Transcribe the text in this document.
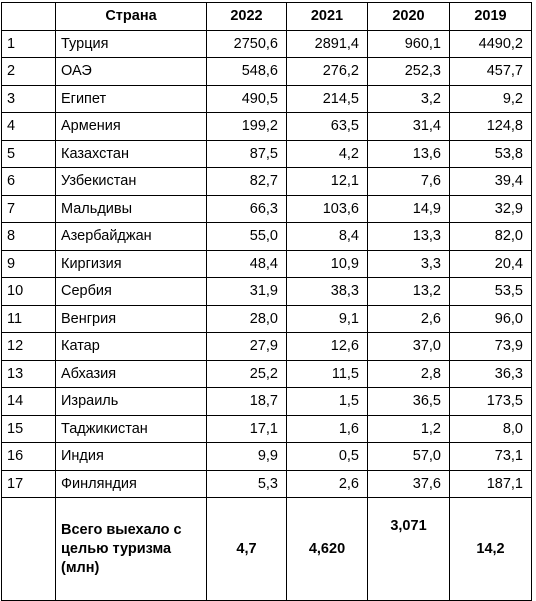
	Страна	2022	2021	2020	2019
1	Турция	2750,6	2891,4	960,1	4490,2
2	ОАЭ	548,6	276,2	252,3	457,7
3	Египет	490,5	214,5	3,2	9,2
4	Армения	199,2	63,5	31,4	124,8
5	Казахстан	87,5	4,2	13,6	53,8
6	Узбекистан	82,7	12,1	7,6	39,4
7	Мальдивы	66,3	103,6	14,9	32,9
8	Азербайджан	55,0	8,4	13,3	82,0
9	Киргизия	48,4	10,9	3,3	20,4
10	Сербия	31,9	38,3	13,2	53,5
11	Венгрия	28,0	9,1	2,6	96,0
12	Катар	27,9	12,6	37,0	73,9
13	Абхазия	25,2	11,5	2,8	36,3
14	Израиль	18,7	1,5	36,5	173,5
15	Таджикистан	17,1	1,6	1,2	8,0
16	Индия	9,9	0,5	57,0	73,1
17	Финляндия	5,3	2,6	37,6	187,1
	Всего выехало с целью туризма (млн)	4,7	4,620	3,071	14,2
